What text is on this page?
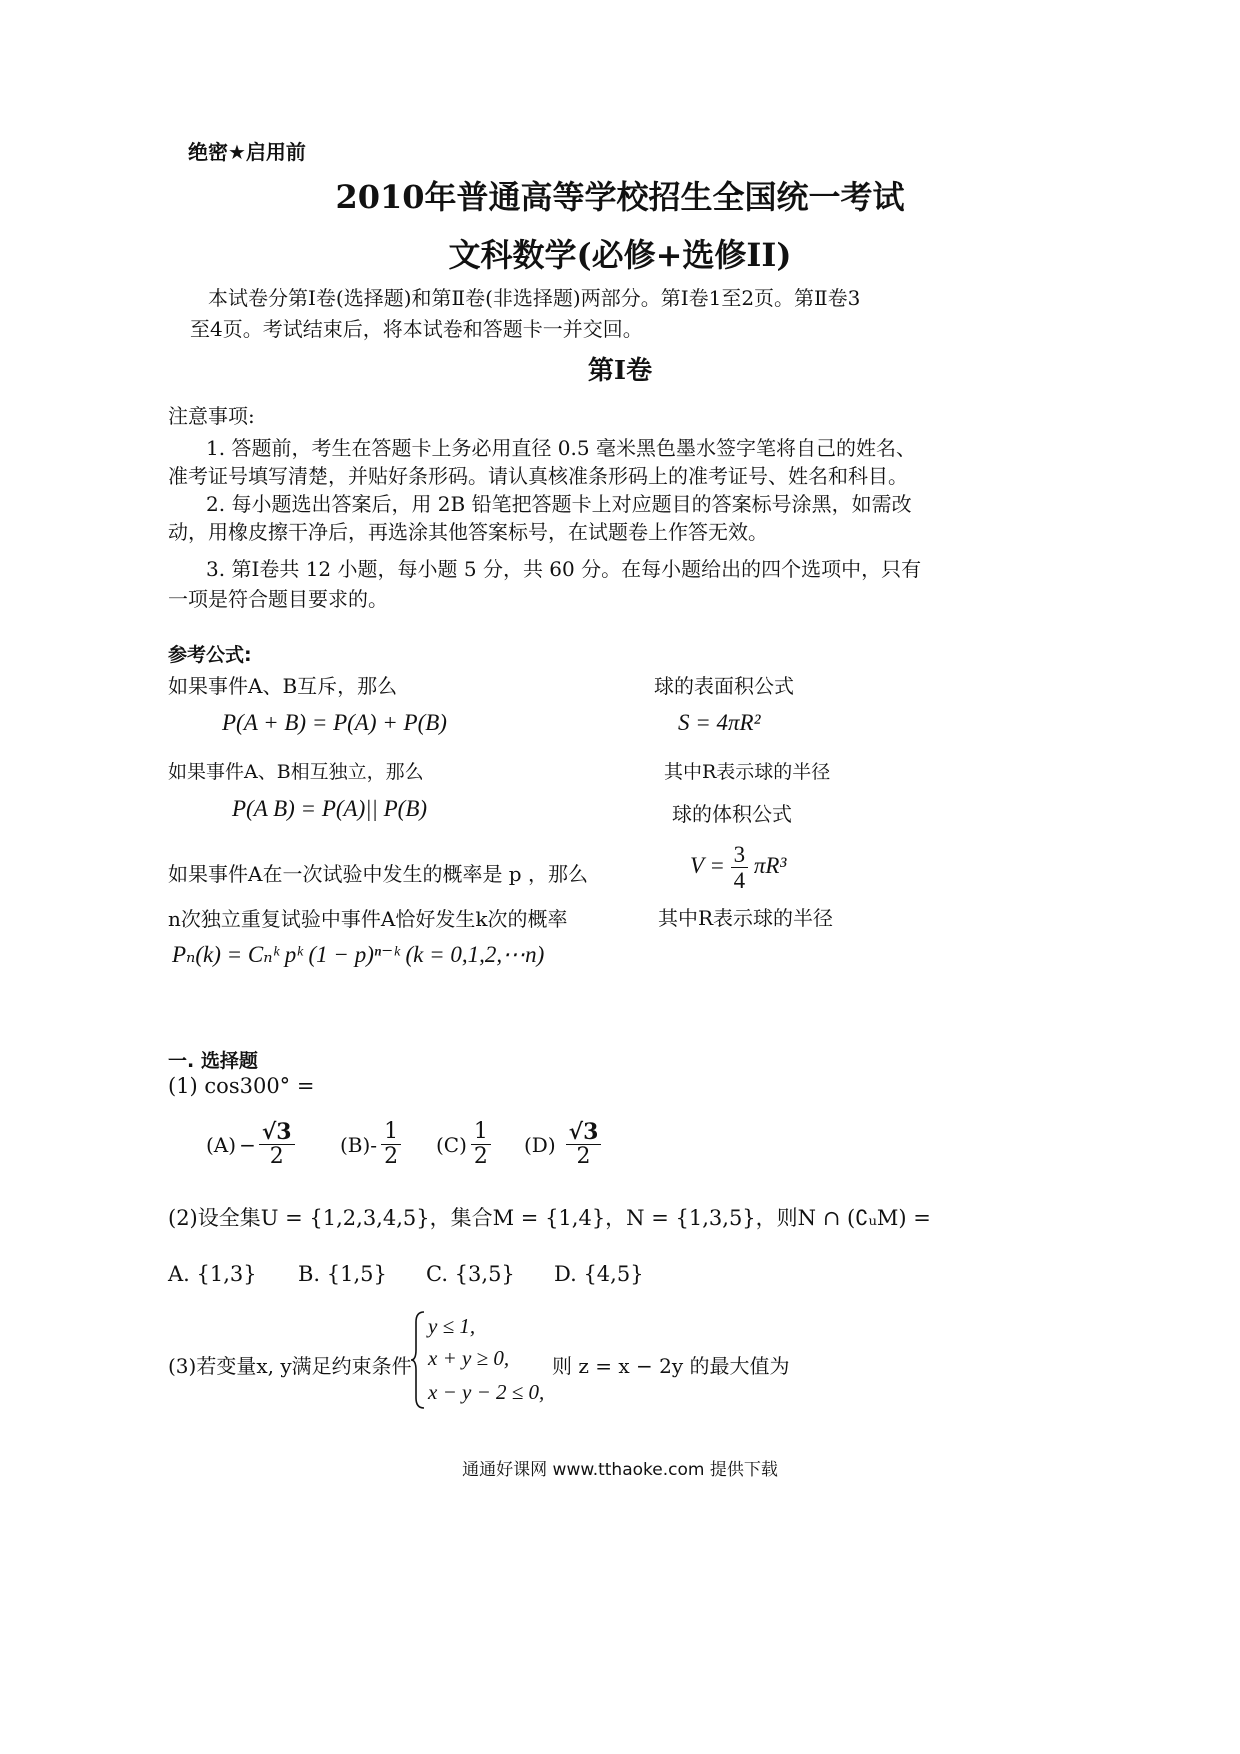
绝密★启用前
2010年普通高等学校招生全国统一考试
文科数学(必修+选修II)
本试卷分第Ⅰ卷(选择题)和第Ⅱ卷(非选择题)两部分。第Ⅰ卷1至2页。第Ⅱ卷3
至4页。考试结束后，将本试卷和答题卡一并交回。
第Ⅰ卷
注意事项:
1. 答题前，考生在答题卡上务必用直径 0.5 毫米黑色墨水签字笔将自己的姓名、
准考证号填写清楚，并贴好条形码。请认真核准条形码上的准考证号、姓名和科目。
2. 每小题选出答案后，用 2B 铅笔把答题卡上对应题目的答案标号涂黑，如需改
动，用橡皮擦干净后，再选涂其他答案标号，在试题卷上作答无效。
3. 第Ⅰ卷共 12 小题，每小题 5 分，共 60 分。在每小题给出的四个选项中，只有
一项是符合题目要求的。
参考公式:
如果事件A、B互斥，那么
P(A + B) = P(A) + P(B)
如果事件A、B相互独立，那么
P(A B) = P(A)|| P(B)
如果事件A在一次试验中发生的概率是 p ，那么
n次独立重复试验中事件A恰好发生k次的概率
Pₙ(k) = Cₙᵏ pᵏ (1 − p)ⁿ⁻ᵏ (k = 0,1,2,⋯n)
球的表面积公式
S = 4πR²
其中R表示球的半径
球的体积公式
$V = \frac{3}{4} \pi R^3$
其中R表示球的半径
一. 选择题
(1) cos300° =
$(A) - \frac{√3}{2} (B)- \frac{1}{2} (C) \frac{1}{2} (D) \frac{√3}{2}$
(2)设全集U = {1,2,3,4,5}，集合M = {1,4}，N = {1,3,5}，则N ∩ (∁ᵤM) =
A. {1,3} B. {1,5} C. {3,5} D. {4,5}
(3)若变量x, y满足约束条件
y ≤ 1,
x + y ≥ 0,
x − y − 2 ≤ 0,
则 z = x − 2y 的最大值为
通通好课网 www.tthaoke.com 提供下载
